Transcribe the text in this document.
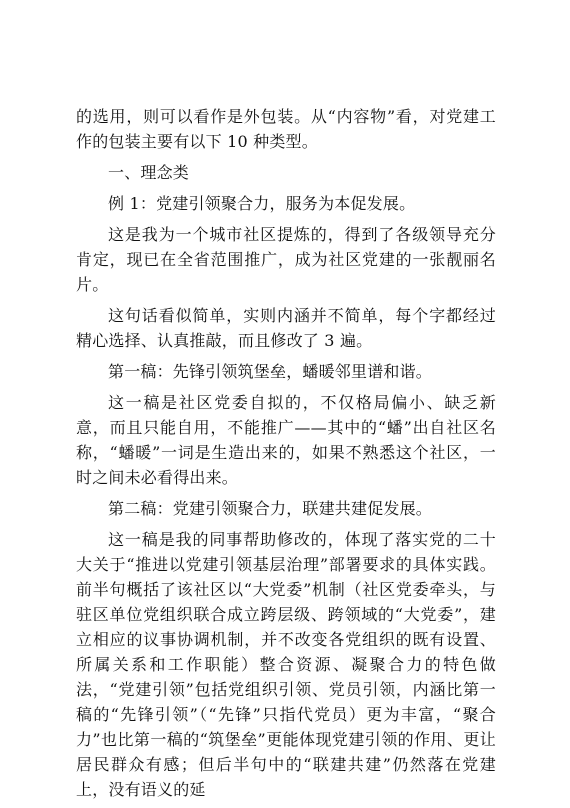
的选用，则可以看作是外包装。从“内容物”看，对党建工作的包装主要有以下 10 种类型。

一、理念类

例 1：党建引领聚合力，服务为本促发展。

这是我为一个城市社区提炼的，得到了各级领导充分肯定，现已在全省范围推广，成为社区党建的一张靓丽名片。

这句话看似简单，实则内涵并不简单，每个字都经过精心选择、认真推敲，而且修改了 3 遍。

第一稿：先锋引领筑堡垒，蟠暖邻里谱和谐。

这一稿是社区党委自拟的，不仅格局偏小、缺乏新意，而且只能自用，不能推广——其中的“蟠”出自社区名称，“蟠暖”一词是生造出来的，如果不熟悉这个社区，一时之间未必看得出来。

第二稿：党建引领聚合力，联建共建促发展。

这一稿是我的同事帮助修改的，体现了落实党的二十大关于“推进以党建引领基层治理”部署要求的具体实践。前半句概括了该社区以“大党委”机制（社区党委牵头，与驻区单位党组织联合成立跨层级、跨领域的“大党委”，建立相应的议事协调机制，并不改变各党组织的既有设置、所属关系和工作职能）整合资源、凝聚合力的特色做法，“党建引领”包括党组织引领、党员引领，内涵比第一稿的“先锋引领”（“先锋”只指代党员）更为丰富，“聚合力”也比第一稿的“筑堡垒”更能体现党建引领的作用、更让居民群众有感；但后半句中的“联建共建”仍然落在党建上，没有语义的延
